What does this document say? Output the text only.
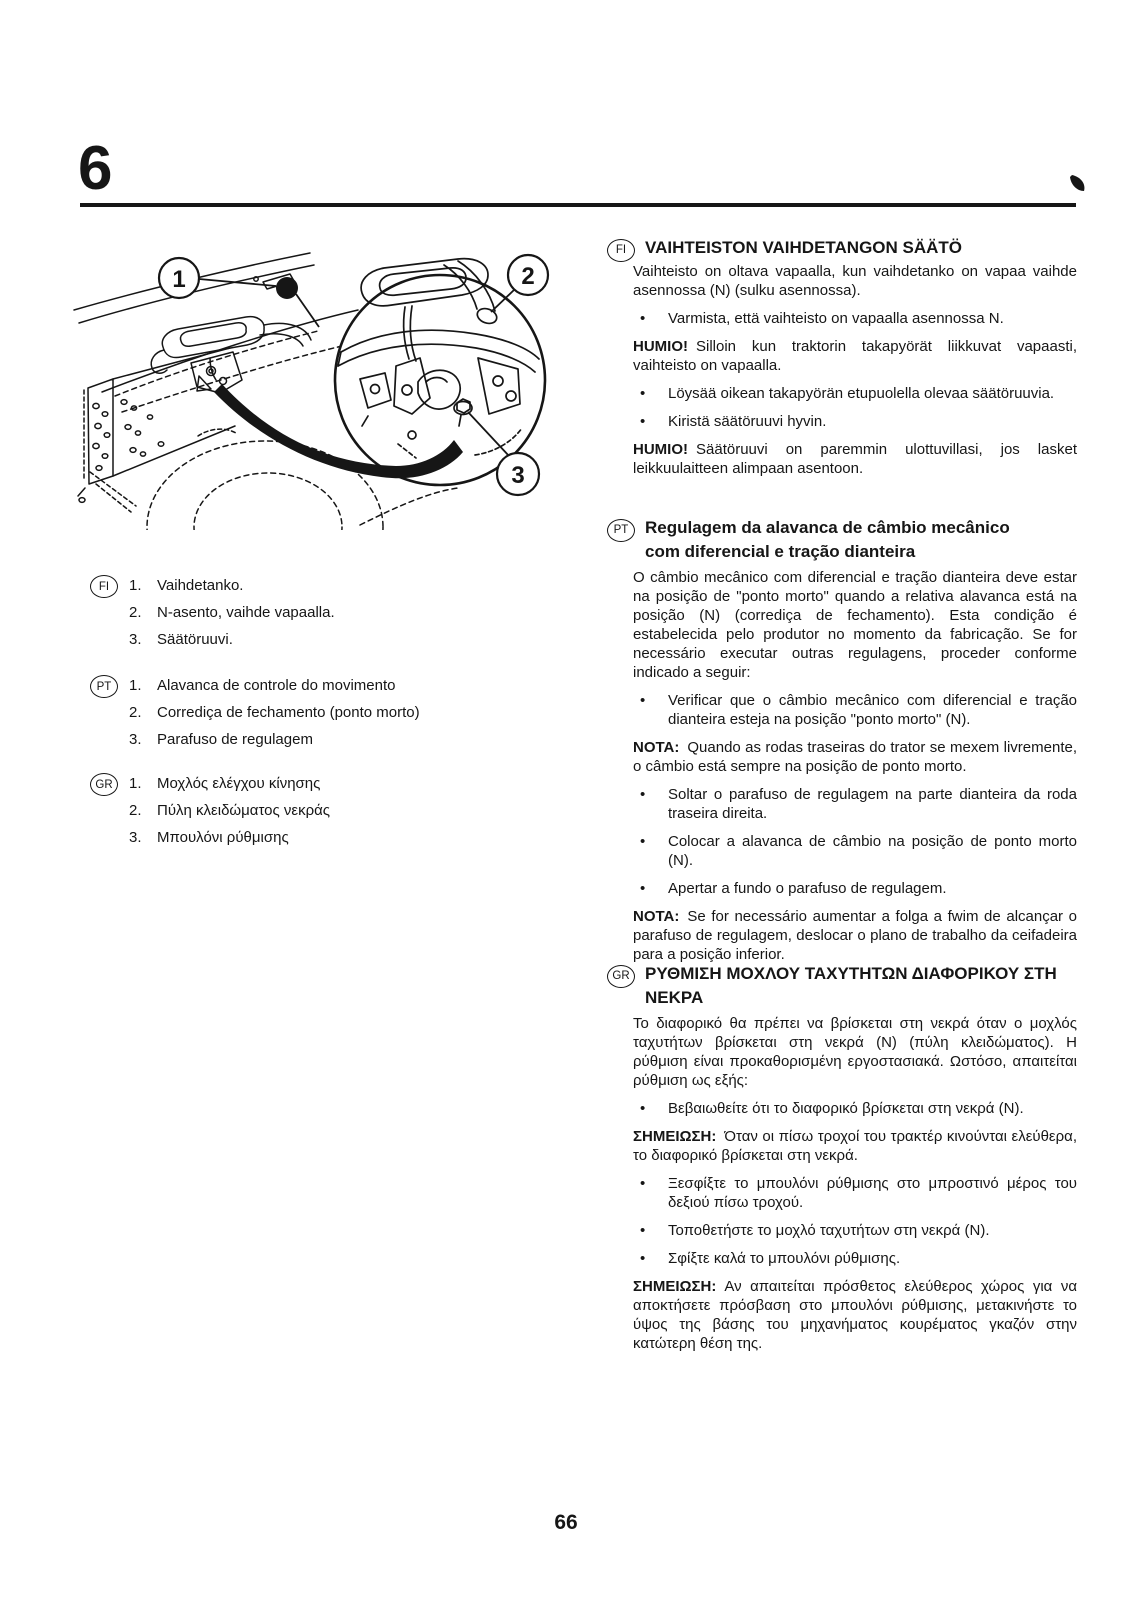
6
1	2
3
FI	1. Vaihdetanko.
2. N-asento, vaihde vapaalla.
3. Säätöruuvi.
PT	1. Alavanca de controle do movimento
2. Corrediça de fechamento (ponto morto)
3. Parafuso de regulagem
GR	1. Μοχλός ελέγχου κίνησης
2. Πύλη κλειδώματος νεκράς
3. Μπουλόνι ρύθμισης
FI	VAIHTEISTON VAIHDETANGON SÄÄTÖ
Vaihteisto on oltava vapaalla, kun vaihdetanko on vapaa vaihde asennossa (N) (sulku asennossa).
•
Varmista, että vaihteisto on vapaalla asennossa N.
HUMIO! Silloin kun traktorin takapyörät liikkuvat vapaasti, vaihteisto on vapaalla.
•
Löysää oikean takapyörän etupuolella olevaa säätöruuvia.
•
Kiristä säätöruuvi hyvin.
HUMIO! Säätöruuvi on paremmin ulottuvillasi, jos lasket leikkuulaitteen alimpaan asentoon.
PT Regulagem da alavanca de câmbio mecânico com diferencial e tração dianteira
O câmbio mecânico com diferencial e tração dianteira deve estar na posição de "ponto morto" quando a relativa alavanca está na posição (N) (corrediça de fechamento). Esta condição é estabelecida pelo produtor no momento da fabricação. Se for necessário executar outras regulagens, proceder conforme indicado a seguir:
•
Verificar que o câmbio mecânico com diferencial e tração dianteira esteja na posição "ponto morto" (N).
NOTA: Quando as rodas traseiras do trator se mexem livremente, o câmbio está sempre na posição de ponto morto.
•
Soltar o parafuso de regulagem na parte dianteira da roda traseira direita.
•
Colocar a alavanca de câmbio na posição de ponto morto (N).
•
Apertar a fundo o parafuso de regulagem.
NOTA: Se for necessário aumentar a folga a fwim de alcançar o parafuso de regulagem, deslocar o plano de trabalho da ceifadeira para a posição inferior.
GR ΡΥΘΜΙΣΗ ΜΟΧΛΟΥ ΤΑΧΥΤΗΤΩΝ ΔΙΑΦΟΡΙΚΟΥ ΣΤΗ ΝΕΚΡΑ
Το διαφορικό θα πρέπει να βρίσκεται στη νεκρά όταν ο μοχλός ταχυτήτων βρίσκεται στη νεκρά (N) (πύλη κλειδώματος). Η ρύθμιση είναι προκαθορισμένη εργοστασιακά. Ωστόσο, απαιτείται ρύθμιση ως εξής:
•
Βεβαιωθείτε ότι το διαφορικό βρίσκεται στη νεκρά (N).
ΣΗΜΕΙΩΣΗ: Όταν οι πίσω τροχοί του τρακτέρ κινούνται ελεύθερα, το διαφορικό βρίσκεται στη νεκρά.
•
Ξεσφίξτε το μπουλόνι ρύθμισης στο μπροστινό μέρος του δεξιού πίσω τροχού.
•
Τοποθετήστε το μοχλό ταχυτήτων στη νεκρά (N).
•
Σφίξτε καλά το μπουλόνι ρύθμισης.
ΣΗΜΕΙΩΣΗ: Αν απαιτείται πρόσθετος ελεύθερος χώρος για να αποκτήσετε πρόσβαση στο μπουλόνι ρύθμισης, μετακινήστε το ύψος της βάσης του μηχανήματος κουρέματος γκαζόν στην κατώτερη θέση της.
66
